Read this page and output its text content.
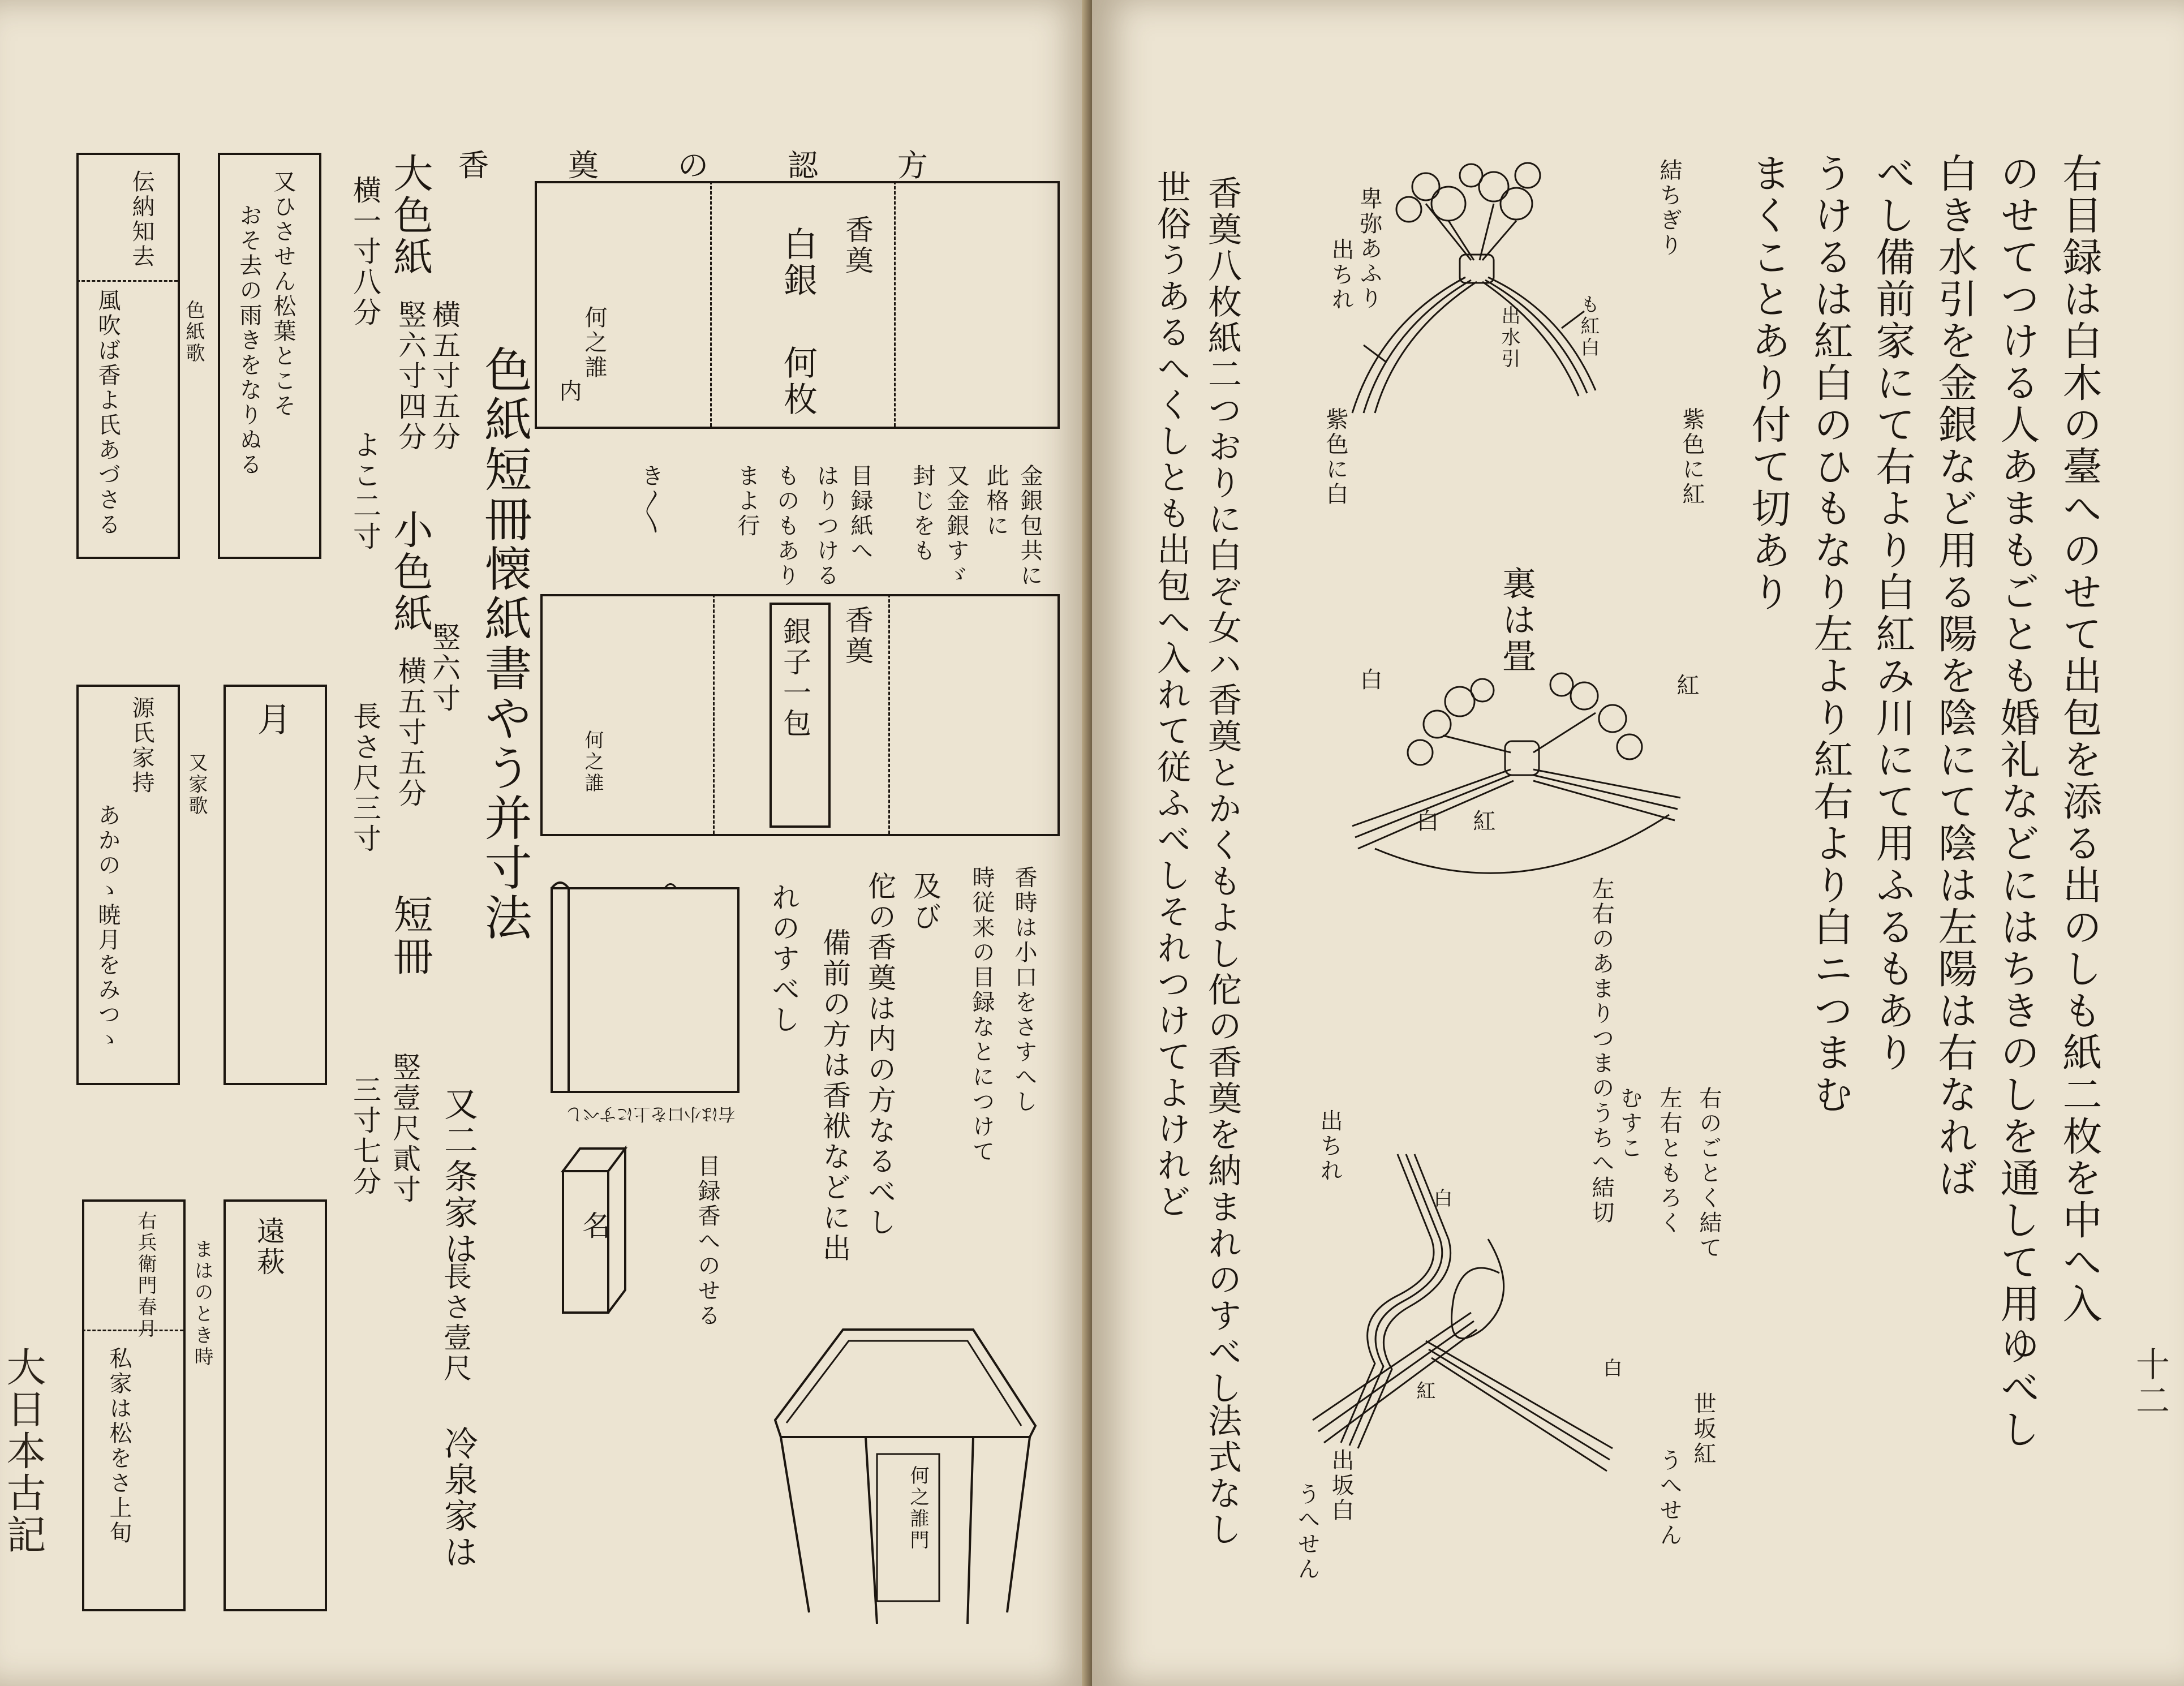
大日本古記
伝納知去
風吹ば香よ氏あづさる	又ひさせん松葉とこそ
おそ去の雨きをなりぬる
色紙歌
源氏家持
あかのゝ暁月をみつゝ
月
又家歌
右兵衛門春月
私家は松をさ上旬
遠萩
まはのとき時
横一寸八分
よこ二寸
長さ尺三寸
三寸七分
大色紙
横五寸五分
竪六寸四分
小色紙
竪六寸
横五寸五分
短冊
竪壹尺貳寸 又二条家は
長さ壹尺
冷泉家は
色紙短冊懐紙書やう并寸法
香奠の認方
香奠
白銀
何枚
何之誰
内
金銀包共に
此格に
又金銀すゞ
封じをも
目録紙へ
はりつける
ものもあり
まよ行
き〳〵
香奠
銀子一包
何之誰
右は小口を上にすべし
名
香時は小口をさすへし
時従来の目録なとにつけて
及び
佗の香奠は内の方なるべし
備前の方は香袱などに出
れのすべし
目録香へのせる
何之誰門
十二
右目録は白木の臺へのせて出包を添る出のしも紙二枚を中へ入
のせてつける人あまもごとも婚礼などにはちきのしを通して用ゆべし
白き水引を金銀など用る陽を陰にて陰は左陽は右なれば
べし備前家にて右より白紅み川にて用ふるもあり
うけるは紅白のひもなり左より紅右より白ニつまむ
まくことあり付て切あり
結ちぎり
も紅白
出水引
紫色に紅
卑弥あふり
出ちれ
紫色に白
裏は畳
紅
白
紅
白
左右のあまりつまのうちへ結切
出ちれ	右のごとく結て
左右ともろく
むすこ
白
紅
白
世坂紅
うへせん
出坂白
うへせん
香奠八枚紙二つおりに白ぞ女ハ香奠とかくもよし佗の香奠を納まれのすべし
世俗うあるへくしとも出包へ入れて従ふべしそれつけてよけれど
法式なし
